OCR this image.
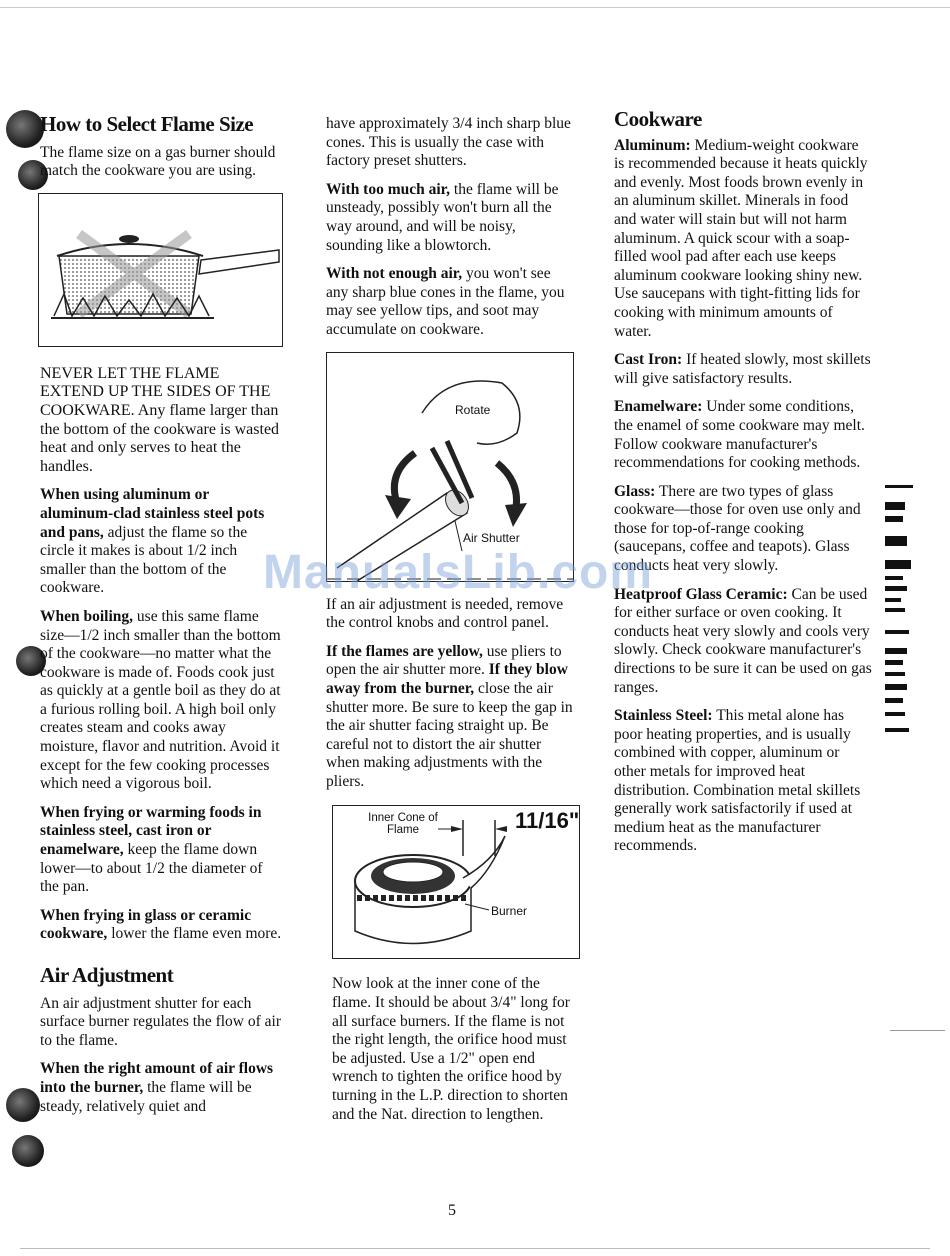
How to Select Flame Size

The flame size on a gas burner should match the cookware you are using.

NEVER LET THE FLAME EXTEND UP THE SIDES OF THE COOKWARE. Any flame larger than the bottom of the cookware is wasted heat and only serves to heat the handles.

When using aluminum or aluminum-clad stainless steel pots and pans, adjust the flame so the circle it makes is about 1/2 inch smaller than the bottom of the cookware.

When boiling, use this same flame size—1/2 inch smaller than the bottom of the cookware—no matter what the cookware is made of. Foods cook just as quickly at a gentle boil as they do at a furious rolling boil. A high boil only creates steam and cooks away moisture, flavor and nutrition. Avoid it except for the few cooking processes which need a vigorous boil.

When frying or warming foods in stainless steel, cast iron or enamelware, keep the flame down lower—to about 1/2 the diameter of the pan.

When frying in glass or ceramic cookware, lower the flame even more.

Air Adjustment

An air adjustment shutter for each surface burner regulates the flow of air to the flame.

When the right amount of air flows into the burner, the flame will be steady, relatively quiet and

have approximately 3/4 inch sharp blue cones. This is usually the case with factory preset shutters.

With too much air, the flame will be unsteady, possibly won't burn all the way around, and will be noisy, sounding like a blowtorch.

With not enough air, you won't see any sharp blue cones in the flame, you may see yellow tips, and soot may accumulate on cookware.

Rotate
Air Shutter

If an air adjustment is needed, remove the control knobs and control panel.

If the flames are yellow, use pliers to open the air shutter more. If they blow away from the burner, close the air shutter more. Be sure to keep the gap in the air shutter facing straight up. Be careful not to distort the air shutter when making adjustments with the pliers.

Inner Cone of Flame	11/16"
Burner

Now look at the inner cone of the flame. It should be about 3/4" long for all surface burners. If the flame is not the right length, the orifice hood must be adjusted. Use a 1/2" open end wrench to tighten the orifice hood by turning in the L.P. direction to shorten and the Nat. direction to lengthen.

Cookware

Aluminum: Medium-weight cookware is recommended because it heats quickly and evenly. Most foods brown evenly in an aluminum skillet. Minerals in food and water will stain but will not harm aluminum. A quick scour with a soap-filled wool pad after each use keeps aluminum cookware looking shiny new. Use saucepans with tight-fitting lids for cooking with minimum amounts of water.

Cast Iron: If heated slowly, most skillets will give satisfactory results.

Enamelware: Under some conditions, the enamel of some cookware may melt. Follow cookware manufacturer's recommendations for cooking methods.

Glass: There are two types of glass cookware—those for oven use only and those for top-of-range cooking (saucepans, coffee and teapots). Glass conducts heat very slowly.

Heatproof Glass Ceramic: Can be used for either surface or oven cooking. It conducts heat very slowly and cools very slowly. Check cookware manufacturer's directions to be sure it can be used on gas ranges.

Stainless Steel: This metal alone has poor heating properties, and is usually combined with copper, aluminum or other metals for improved heat distribution. Combination metal skillets generally work satisfactorily if used at medium heat as the manufacturer recommends.

ManualsLib.com
5
